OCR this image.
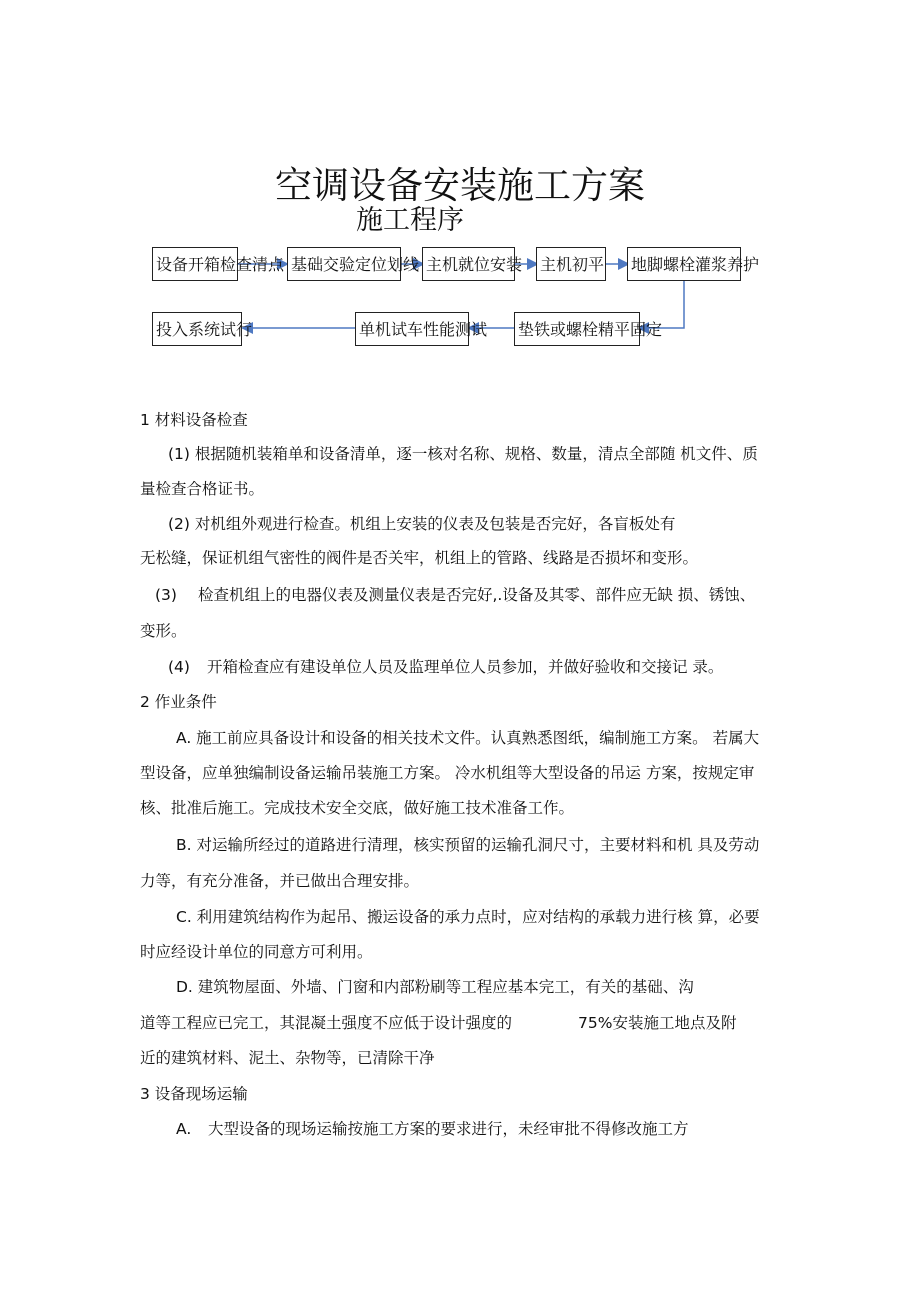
空调设备安装施工方案
施工程序
设备开箱检查清点 基础交验定位划线 主机就位安装 主机初平 地脚螺栓灌浆养护
垫铁或螺栓精平固定
单机试车性能测试
投入系统试行
1 材料设备检查
(1) 根据随机装箱单和设备清单，逐一核对名称、规格、数量，清点全部随 机文件、质
量检查合格证书。
(2) 对机组外观进行检查。机组上安装的仪表及包装是否完好，各盲板处有
无松缝，保证机组气密性的阀件是否关牢，机组上的管路、线路是否损坏和变形。
(3) 检查机组上的电器仪表及测量仪表是否完好,.设备及其零、部件应无缺 损、锈蚀、
变形。
(4) 开箱检查应有建设单位人员及监理单位人员参加，并做好验收和交接记 录。
2 作业条件
A. 施工前应具备设计和设备的相关技术文件。认真熟悉图纸，编制施工方案。 若属大
型设备，应单独编制设备运输吊装施工方案。 冷水机组等大型设备的吊运 方案，按规定审
核、批准后施工。完成技术安全交底，做好施工技术准备工作。
B. 对运输所经过的道路进行清理，核实预留的运输孔洞尺寸，主要材料和机 具及劳动
力等，有充分准备，并已做出合理安排。
C. 利用建筑结构作为起吊、搬运设备的承力点时，应对结构的承载力进行核 算，必要
时应经设计单位的同意方可利用。
D. 建筑物屋面、外墙、门窗和内部粉刷等工程应基本完工，有关的基础、沟
道等工程应已完工，其混凝土强度不应低于设计强度的	75%安装施工地点及附
近的建筑材料、泥土、杂物等，已清除干净
3 设备现场运输
A. 大型设备的现场运输按施工方案的要求进行，未经审批不得修改施工方
